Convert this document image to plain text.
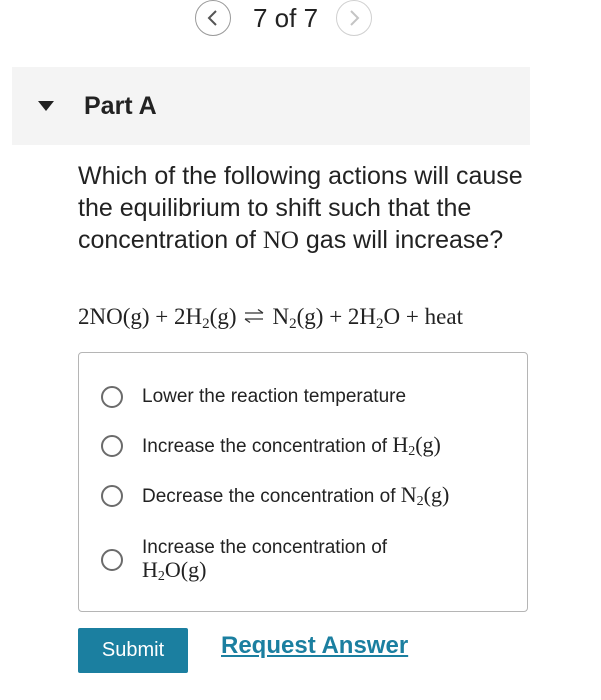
7 of 7
Part A
Which of the following actions will cause the equilibrium to shift such that the concentration of NO gas will increase?
$2NO(g) + 2H_2(g)$ ⇌ $N_2(g) + 2H_2O$ + heat
Lower the reaction temperature
Increase the concentration of $H_2(g)$
Decrease the concentration of $N_2(g)$
Increase the concentration of
$H_2O(g)$
Submit	Request Answer
